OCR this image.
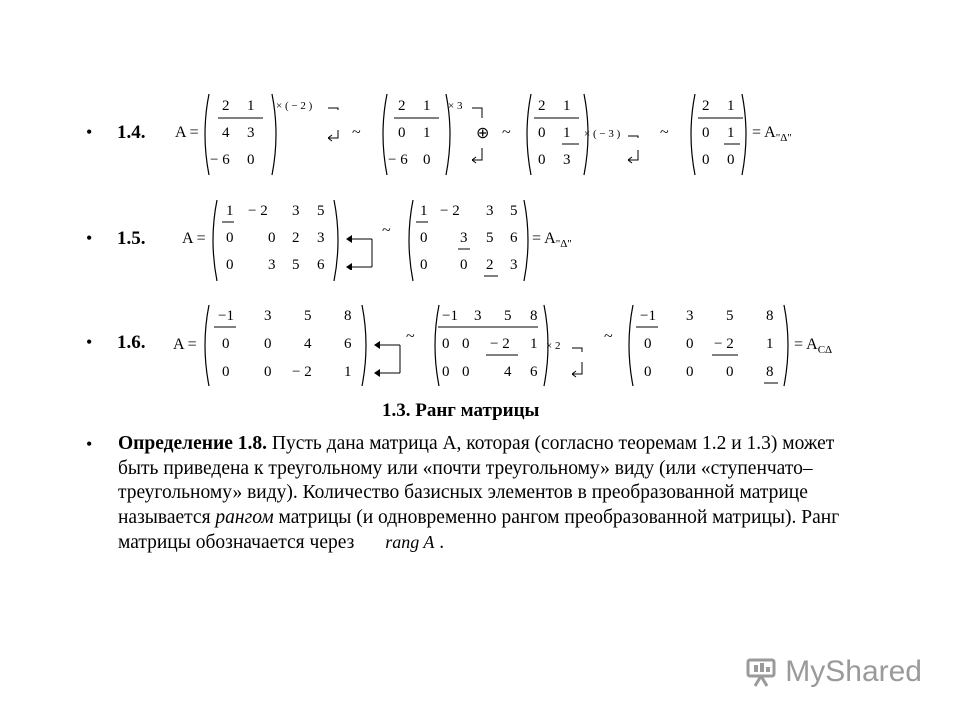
•
•
•
•
1.4.
1.5.
1.6.
A =
2 1
4 3
− 6 0
× ( − 2 )
~
2 1
0 1
− 6 0
× 3
⊕ ~
2 1
0 1
0 3
× ( − 3 ) ~
2 1
0 1
0 0
= $A_{"\Delta"}$
A =
1 − 2 3 5
0 0 2 3
0 3 5 6
~
1 − 2 3 5
0 3 5 6
0 0 2 3
= $A_{"\Delta"}$
A =
−1 3 5 8
0 0 4 6
0 0 − 2 1
~
−1 3 5 8
0 0 − 2 1
0 0 4 6
× 2
~
−1 3 5 8
0 0 − 2 1
0 0 0 8
= $A_{C\Delta}$
1.3. Ранг матрицы
Определение 1.8. Пусть дана матрица А, которая (согласно теоремам 1.2 и 1.3) может быть приведена к треугольному или «почти треугольному» виду (или «ступенчато–треугольному» виду). Количество базисных элементов в преобразованной матрице называется рангом матрицы (и одновременно рангом преобразованной матрицы). Ранг матрицы обозначается через rang A .
MyShared
